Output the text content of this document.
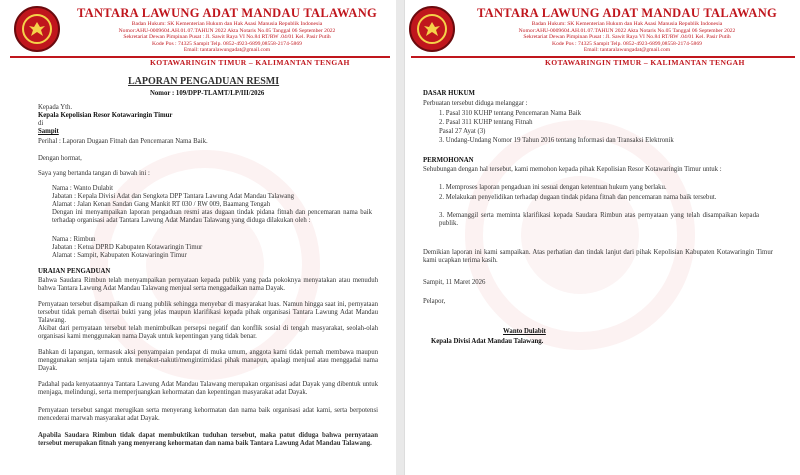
TANTARA LAWUNG ADAT MANDAU TALAWANG
Badan Hukum: SK Kementerian Hukum dan Hak Asasi Manusia Republik Indonesia
Nomor:AHU-0009604.AH.01.07.TAHUN 2022 Akta Notaris No.05 Tanggal 06 September 2022
Sekretariat Dewan Pimpinan Pusat : Jl. Sawit Raya VI No.84 RT/RW .04/01 Kel. Pasir Putih
Kode Pos : 74325 Sampit Telp. 0852-4923-6899,08558-2174-5869
Email: tantaralawungadat@gmail.com
KOTAWARINGIN TIMUR – KALIMANTAN TENGAH
LAPORAN PENGADUAN RESMI
Nomor : 109/DPP-TLAMT/LP/III/2026
Kepada Yth.
Kepala Kepolisian Resor Kotawaringin Timur
di
Sampit
Perihal : Laporan Dugaan Fitnah dan Pencemaran Nama Baik.
Dengan hormat,
Saya yang bertanda tangan di bawah ini :
Nama : Wanto Dulabit
Jabatan : Kepala Divisi Adat dan Sengketa DPP Tantara Lawung Adat Mandau Talawang
Alamat : Jalan Kenan Sandan Gang Mankit RT 030 / RW 009, Baamang Tengah
Dengan ini menyampaikan laporan pengaduan resmi atas dugaan tindak pidana fitnah dan pencemaran nama baik terhadap organisasi adat Tantara Lawung Adat Mandau Talawang yang diduga dilakukan oleh :
Nama : Rimbun
Jabatan : Ketua DPRD Kabupaten Kotawaringin Timur
Alamat : Sampit, Kabupaten Kotawaringin Timur
URAIAN PENGADUAN
Bahwa Saudara Rimbun telah menyampaikan pernyataan kepada publik yang pada pokoknya menyatakan atau menuduh bahwa Tantara Lawung Adat Mandau Talawang menjual serta menggadaikan nama Dayak.
Pernyataan tersebut disampaikan di ruang publik sehingga menyebar di masyarakat luas. Namun hingga saat ini, pernyataan tersebut tidak pernah disertai bukti yang jelas maupun klarifikasi kepada pihak organisasi Tantara Lawung Adat Mandau Talawang.
Akibat dari pernyataan tersebut telah menimbulkan persepsi negatif dan konflik sosial di tengah masyarakat, seolah-olah organisasi kami menggunakan nama Dayak untuk kepentingan yang tidak benar.
Bahkan di lapangan, termasuk aksi penyampaian pendapat di muka umum, anggota kami tidak pernah membawa maupun menggunakan senjata tajam untuk menakut-nakuti/mengintimidasi pihak manapun, apalagi menjual atau menggadai nama Dayak.
Padahal pada kenyataannya Tantara Lawung Adat Mandau Talawang merupakan organisasi adat Dayak yang dibentuk untuk menjaga, melindungi, serta memperjuangkan kehormatan dan kepentingan masyarakat adat Dayak.
Pernyataan tersebut sangat merugikan serta menyerang kehormatan dan nama baik organisasi adat kami, serta berpotensi mencederai marwah masyarakat adat Dayak.
Apabila Saudara Rimbun tidak dapat membuktikan tuduhan tersebut, maka patut diduga bahwa pernyataan tersebut merupakan fitnah yang menyerang kehormatan dan nama baik Tantara Lawung Adat Mandau Talawang.
TANTARA LAWUNG ADAT MANDAU TALAWANG
Badan Hukum: SK Kementerian Hukum dan Hak Asasi Manusia Republik Indonesia
Nomor:AHU-0009604.AH.01.07.TAHUN 2022 Akta Notaris No.05 Tanggal 06 September 2022
Sekretariat Dewan Pimpinan Pusat : Jl. Sawit Raya VI No.84 RT/RW .04/01 Kel. Pasir Putih
Kode Pos : 74325 Sampit Telp. 0852-4923-6899,08558-2174-5869
Email: tantaralawungadat@gmail.com
KOTAWARINGIN TIMUR – KALIMANTAN TENGAH
DASAR HUKUM
Perbuatan tersebut diduga melanggar :
1. Pasal 310 KUHP tentang Pencemaran Nama Baik
2. Pasal 311 KUHP tentang Fitnah
Pasal 27 Ayat (3)
3. Undang-Undang Nomor 19 Tahun 2016 tentang Informasi dan Transaksi Elektronik
PERMOHONAN
Sehubungan dengan hal tersebut, kami memohon kepada pihak Kepolisian Resor Kotawaringin Timur untuk :
1. Memproses laporan pengaduan ini sesuai dengan ketentuan hukum yang berlaku.
2. Melakukan penyelidikan terhadap dugaan tindak pidana fitnah dan pencemaran nama baik tersebut.
3. Memanggil serta meminta klarifikasi kepada Saudara Rimbun atas pernyataan yang telah disampaikan kepada publik.
Demikian laporan ini kami sampaikan. Atas perhatian dan tindak lanjut dari pihak Kepolisian Kabupaten Kotawaringin Timur kami ucapkan terima kasih.
Sampit, 11 Maret 2026
Pelapor,
Wanto Dulabit
Kepala Divisi Adat Mandau Talawang.
